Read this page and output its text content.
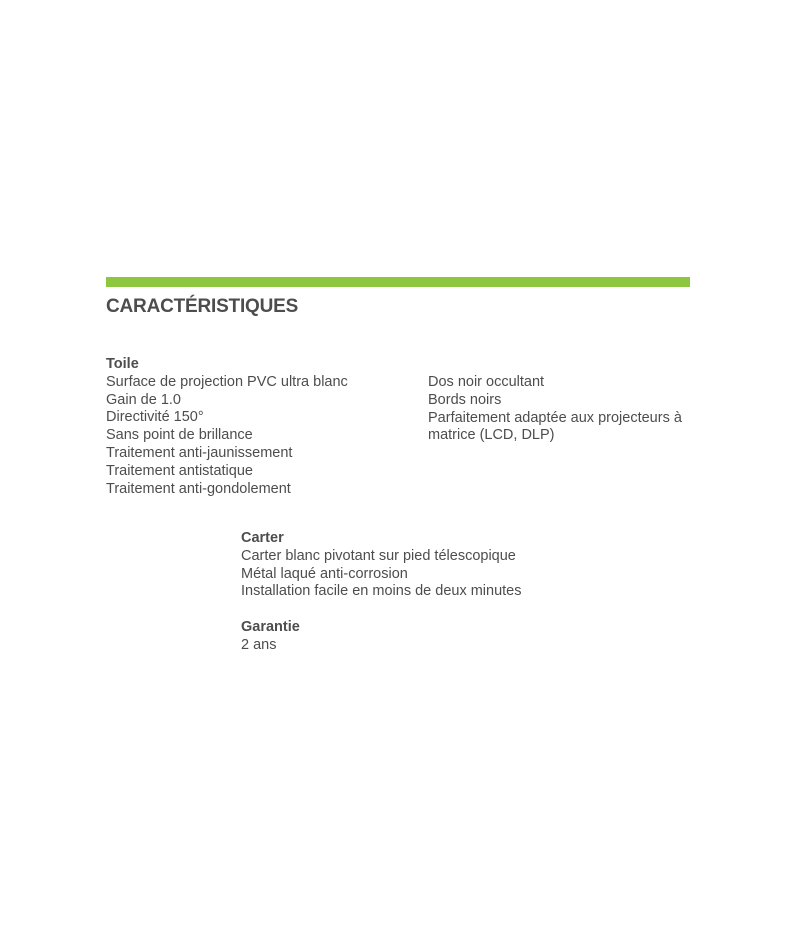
CARACTÉRISTIQUES
Toile
Surface de projection PVC ultra blanc
Gain de 1.0
Directivité 150°
Sans point de brillance
Traitement anti-jaunissement
Traitement antistatique
Traitement anti-gondolement
Dos noir occultant
Bords noirs
Parfaitement adaptée aux projecteurs à
matrice (LCD, DLP)
Carter
Carter blanc pivotant sur pied télescopique
Métal laqué anti-corrosion
Installation facile en moins de deux minutes
Garantie
2 ans
